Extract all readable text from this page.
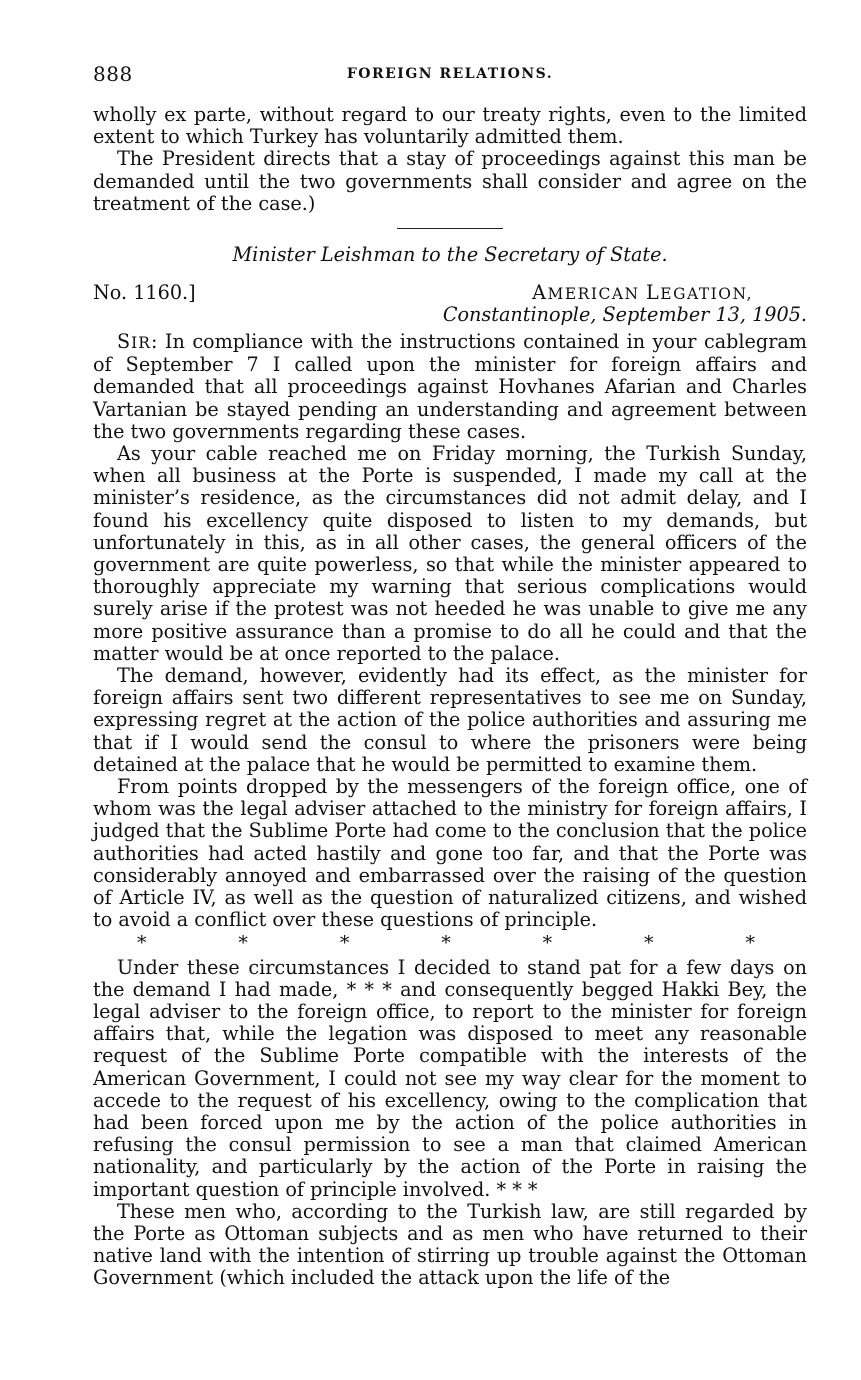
888	FOREIGN RELATIONS.

wholly ex parte, without regard to our treaty rights, even to the limited extent to which Turkey has voluntarily admitted them.

The President directs that a stay of proceedings against this man be demanded until the two governments shall consider and agree on the treatment of the case.)

Minister Leishman to the Secretary of State.
No. 1160.]	AMERICAN LEGATION,
Constantinople, September 13, 1905.

SIR: In compliance with the instructions contained in your cablegram of September 7 I called upon the minister for foreign affairs and demanded that all proceedings against Hovhanes Afarian and Charles Vartanian be stayed pending an understanding and agreement between the two governments regarding these cases.

As your cable reached me on Friday morning, the Turkish Sunday, when all business at the Porte is suspended, I made my call at the minister’s residence, as the circumstances did not admit delay, and I found his excellency quite disposed to listen to my demands, but unfortunately in this, as in all other cases, the general officers of the government are quite powerless, so that while the minister appeared to thoroughly appreciate my warning that serious complications would surely arise if the protest was not heeded he was unable to give me any more positive assurance than a promise to do all he could and that the matter would be at once reported to the palace.

The demand, however, evidently had its effect, as the minister for foreign affairs sent two different representatives to see me on Sunday, expressing regret at the action of the police authorities and assuring me that if I would send the consul to where the prisoners were being detained at the palace that he would be permitted to examine them.

From points dropped by the messengers of the foreign office, one of whom was the legal adviser attached to the ministry for foreign affairs, I judged that the Sublime Porte had come to the conclusion that the police authorities had acted hastily and gone too far, and that the Porte was considerably annoyed and embarrassed over the raising of the question of Article IV, as well as the question of naturalized citizens, and wished to avoid a conflict over these questions of principle.

*	*	*	*	*	*	*

Under these circumstances I decided to stand pat for a few days on the demand I had made, * * * and consequently begged Hakki Bey, the legal adviser to the foreign office, to report to the minister for foreign affairs that, while the legation was disposed to meet any reasonable request of the Sublime Porte compatible with the interests of the American Government, I could not see my way clear for the moment to accede to the request of his excellency, owing to the complication that had been forced upon me by the action of the police authorities in refusing the consul permission to see a man that claimed American nationality, and particularly by the action of the Porte in raising the important question of principle involved. * * *

These men who, according to the Turkish law, are still regarded by the Porte as Ottoman subjects and as men who have returned to their native land with the intention of stirring up trouble against the Ottoman Government (which included the attack upon the life of the
